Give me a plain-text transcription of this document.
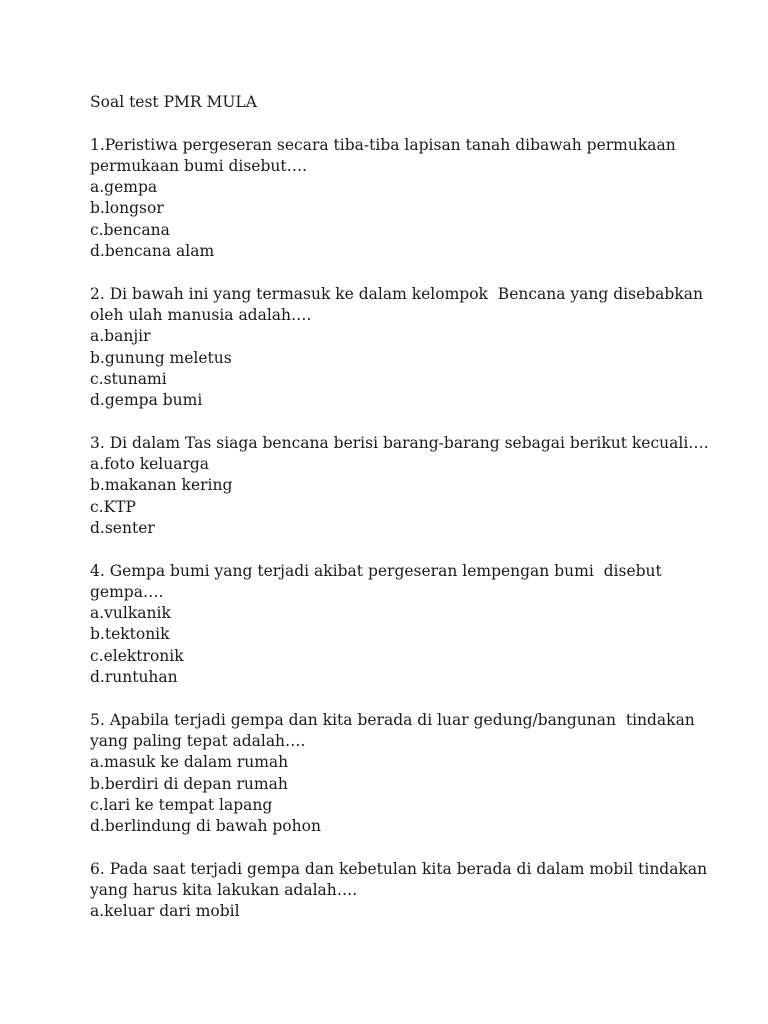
Soal test PMR MULA
1.Peristiwa pergeseran secara tiba-tiba lapisan tanah dibawah permukaan permukaan bumi disebut….
a.gempa
b.longsor
c.bencana
d.bencana alam
2. Di bawah ini yang termasuk ke dalam kelompok  Bencana yang disebabkan oleh ulah manusia adalah….
a.banjir
b.gunung meletus
c.stunami
d.gempa bumi
3. Di dalam Tas siaga bencana berisi barang-barang sebagai berikut kecuali….
a.foto keluarga
b.makanan kering
c.KTP
d.senter
4. Gempa bumi yang terjadi akibat pergeseran lempengan bumi  disebut gempa….
a.vulkanik
b.tektonik
c.elektronik
d.runtuhan
5. Apabila terjadi gempa dan kita berada di luar gedung/bangunan  tindakan yang paling tepat adalah….
a.masuk ke dalam rumah
b.berdiri di depan rumah
c.lari ke tempat lapang
d.berlindung di bawah pohon
6. Pada saat terjadi gempa dan kebetulan kita berada di dalam mobil tindakan yang harus kita lakukan adalah….
a.keluar dari mobil
